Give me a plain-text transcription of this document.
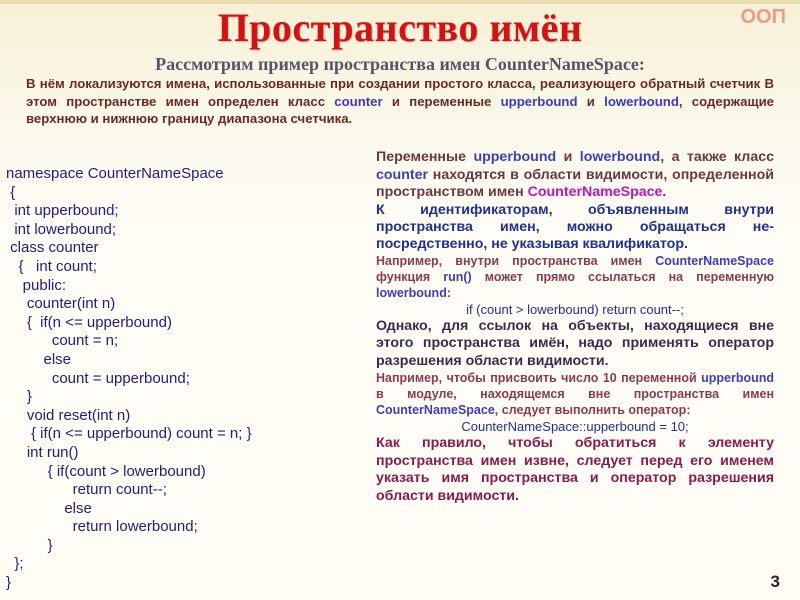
Пространство имён	ООП
Рассмотрим пример пространства имен CounterNameSpace:
В нём локализуются имена, использованные при создании простого класса, реализующего обратный счетчик В этом пространстве имен определен класс counter и переменные upperbound и lowerbound, содержащие верхнюю и нижнюю границу диапазона счетчика.
namespace CounterNameSpace
{
int upperbound;
int lowerbound;
class counter
{   int count;
public:
counter(int n)
{  if(n <= upperbound)
count = n;
else
count = upperbound;
}
void reset(int n)
{ if(n <= upperbound) count = n; }
int run()
{ if(count > lowerbound)
return count--;
else
return lowerbound;
}
};
}
Переменные upperbound и lowerbound, а также класс counter находятся в области видимости, определенной пространством имен CounterNameSpace.
К идентификаторам, объявленным внутри пространства имен, можно обращаться не-посредственно, не указывая квалификатор.
Например, внутри пространства имен CounterNameSpace функция run() может прямо ссылаться на переменную lowerbound:
if (count > lowerbound) return count--;
Однако, для ссылок на объекты, находящиеся вне этого пространства имён, надо применять оператор разрешения области видимости.
Например, чтобы присвоить число 10 переменной upperbound в модуле, находящемся вне пространства имен CounterNameSpace, следует выполнить оператор:
CounterNameSpace::upperbound = 10;
Как правило, чтобы обратиться к элементу пространства имен извне, следует перед его именем указать имя пространства и оператор разрешения области видимости.
3
